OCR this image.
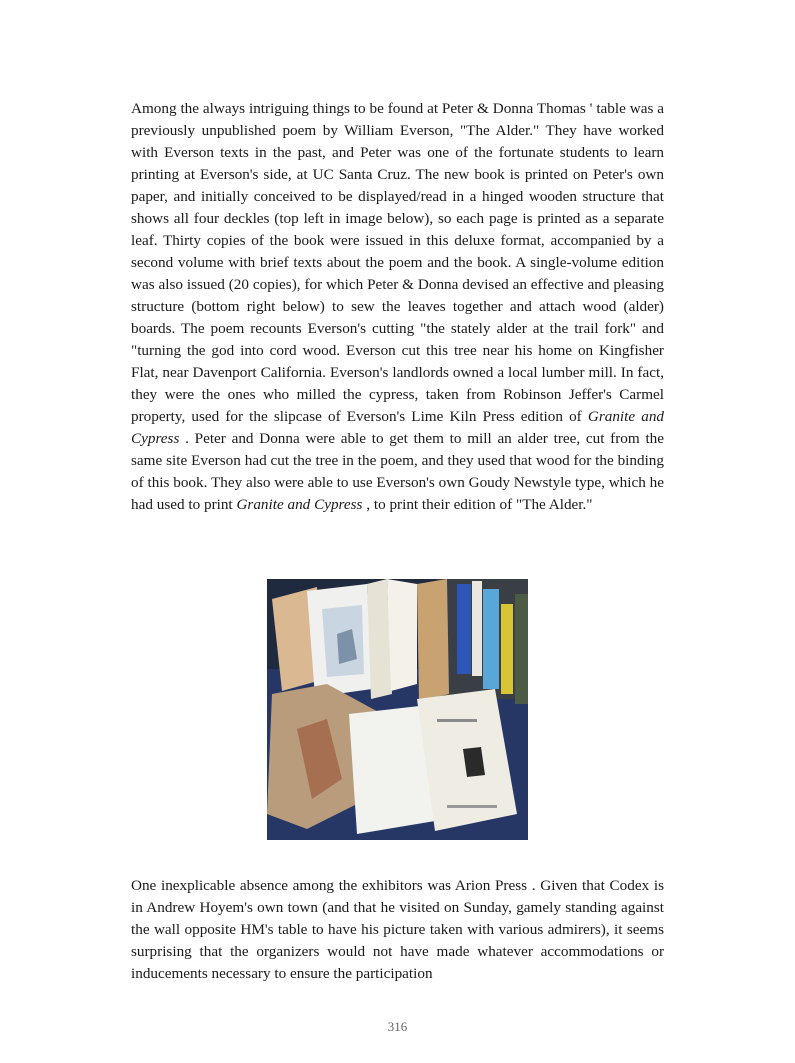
Among the always intriguing things to be found at Peter & Donna Thomas ' table was a previously unpublished poem by William Everson, "The Alder." They have worked with Everson texts in the past, and Peter was one of the fortunate students to learn printing at Everson's side, at UC Santa Cruz. The new book is printed on Peter's own paper, and initially conceived to be displayed/read in a hinged wooden structure that shows all four deckles (top left in image below), so each page is printed as a separate leaf. Thirty copies of the book were issued in this deluxe format, accompanied by a second volume with brief texts about the poem and the book. A single-volume edition was also issued (20 copies), for which Peter & Donna devised an effective and pleasing structure (bottom right below) to sew the leaves together and attach wood (alder) boards. The poem recounts Everson's cutting "the stately alder at the trail fork" and "turning the god into cord wood. Everson cut this tree near his home on Kingfisher Flat, near Davenport California. Everson's landlords owned a local lumber mill. In fact, they were the ones who milled the cypress, taken from Robinson Jeffer's Carmel property, used for the slipcase of Everson's Lime Kiln Press edition of Granite and Cypress . Peter and Donna were able to get them to mill an alder tree, cut from the same site Everson had cut the tree in the poem, and they used that wood for the binding of this book. They also were able to use Everson's own Goudy Newstyle type, which he had used to print Granite and Cypress , to print their edition of "The Alder."

One inexplicable absence among the exhibitors was Arion Press . Given that Codex is in Andrew Hoyem's own town (and that he visited on Sunday, gamely standing against the wall opposite HM's table to have his picture taken with various admirers), it seems surprising that the organizers would not have made whatever accommodations or inducements necessary to ensure the participation

316
